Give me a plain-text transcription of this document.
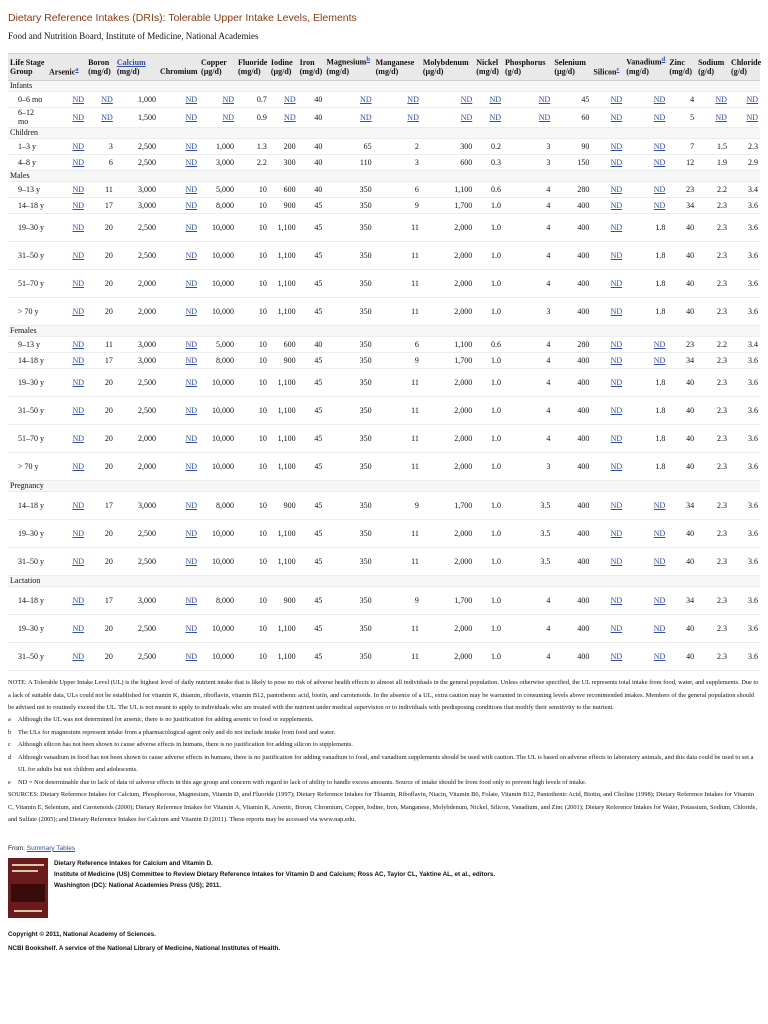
Dietary Reference Intakes (DRIs): Tolerable Upper Intake Levels, Elements
Food and Nutrition Board, Institute of Medicine, National Academies
Life Stage Group	Arsenic$^a$	Boron (mg/d)	Calcium (mg/d)	Chromium	Copper (µg/d)	Fluoride (mg/d)	Iodine (µg/d)	Iron (mg/d)	Magnesium$^b$ (mg/d)	Manganese (mg/d)	Molybdenum (µg/d)	Nickel (mg/d)	Phosphorus (g/d)	Selenium (µg/d)	Silicon$^c$	Vanadium$^d$ (mg/d)	Zinc (mg/d)	Sodium (g/d)	Chloride (g/d)
Infants																			
0–6 mo	ND	ND	1,000	ND	ND	0.7	ND	40	ND	ND	ND	ND	ND	45	ND	ND	4	ND	ND
6–12 mo	ND	ND	1,500	ND	ND	0.9	ND	40	ND	ND	ND	ND	ND	60	ND	ND	5	ND	ND
Children																			
1–3 y	ND	3	2,500	ND	1,000	1.3	200	40	65	2	300	0.2	3	90	ND	ND	7	1.5	2.3
4–8 y	ND	6	2,500	ND	3,000	2.2	300	40	110	3	600	0.3	3	150	ND	ND	12	1.9	2.9
Males																			
9–13 y	ND	11	3,000	ND	5,000	10	600	40	350	6	1,100	0.6	4	280	ND	ND	23	2.2	3.4
14–18 y	ND	17	3,000	ND	8,000	10	900	45	350	9	1,700	1.0	4	400	ND	ND	34	2.3	3.6
19–30 y	ND	20	2,500	ND	10,000	10	1,100	45	350	11	2,000	1.0	4	400	ND	1.8	40	2.3	3.6
31–50 y	ND	20	2,500	ND	10,000	10	1,100	45	350	11	2,000	1.0	4	400	ND	1.8	40	2.3	3.6
51–70 y	ND	20	2,000	ND	10,000	10	1,100	45	350	11	2,000	1.0	4	400	ND	1.8	40	2.3	3.6
> 70 y	ND	20	2,000	ND	10,000	10	1,100	45	350	11	2,000	1.0	3	400	ND	1.8	40	2.3	3.6
Females																			
9–13 y	ND	11	3,000	ND	5,000	10	600	40	350	6	1,100	0.6	4	280	ND	ND	23	2.2	3.4
14–18 y	ND	17	3,000	ND	8,000	10	900	45	350	9	1,700	1.0	4	400	ND	ND	34	2.3	3.6
19–30 y	ND	20	2,500	ND	10,000	10	1,100	45	350	11	2,000	1.0	4	400	ND	1.8	40	2.3	3.6
31–50 y	ND	20	2,500	ND	10,000	10	1,100	45	350	11	2,000	1.0	4	400	ND	1.8	40	2.3	3.6
51–70 y	ND	20	2,000	ND	10,000	10	1,100	45	350	11	2,000	1.0	4	400	ND	1.8	40	2.3	3.6
> 70 y	ND	20	2,000	ND	10,000	10	1,100	45	350	11	2,000	1.0	3	400	ND	1.8	40	2.3	3.6
Pregnancy																			
14–18 y	ND	17	3,000	ND	8,000	10	900	45	350	9	1,700	1.0	3.5	400	ND	ND	34	2.3	3.6
19–30 y	ND	20	2,500	ND	10,000	10	1,100	45	350	11	2,000	1.0	3.5	400	ND	ND	40	2.3	3.6
31–50 y	ND	20	2,500	ND	10,000	10	1,100	45	350	11	2,000	1.0	3.5	400	ND	ND	40	2.3	3.6
Lactation																			
14–18 y	ND	17	3,000	ND	8,000	10	900	45	350	9	1,700	1.0	4	400	ND	ND	34	2.3	3.6
19–30 y	ND	20	2,500	ND	10,000	10	1,100	45	350	11	2,000	1.0	4	400	ND	ND	40	2.3	3.6
31–50 y	ND	20	2,500	ND	10,000	10	1,100	45	350	11	2,000	1.0	4	400	ND	ND	40	2.3	3.6
NOTE: A Tolerable Upper Intake Level (UL) is the highest level of daily nutrient intake that is likely to pose no risk of adverse health effects to almost all individuals in the general population. Unless otherwise specified, the UL represents total intake from food, water, and supplements. Due to a lack of suitable data, ULs could not be established for vitamin K, thiamin, riboflavin, vitamin B12, pantothenic acid, biotin, and carotenoids. In the absence of a UL, extra caution may be warranted in consuming levels above recommended intakes. Members of the general population should be advised not to routinely exceed the UL. The UL is not meant to apply to individuals who are treated with the nutrient under medical supervision or to individuals with predisposing conditions that modify their sensitivity to the nutrient.
a	Although the UL was not determined for arsenic, there is no justification for adding arsenic to food or supplements.
b	The ULs for magnesium represent intake from a pharmacological agent only and do not include intake from food and water.
c	Although silicon has not been shown to cause adverse effects in humans, there is no justification for adding silicon to supplements.
d	Although vanadium in food has not been shown to cause adverse effects in humans, there is no justification for adding vanadium to food, and vanadium supplements should be used with caution. The UL is based on adverse effects in laboratory animals, and this data could be used to set a UL for adults but not children and adolescents.
e	ND = Not determinable due to lack of data of adverse effects in this age group and concern with regard to lack of ability to handle excess amounts. Source of intake should be from food only to prevent high levels of intake.
SOURCES: Dietary Reference Intakes for Calcium, Phosphorous, Magnesium, Vitamin D, and Fluoride (1997); Dietary Reference Intakes for Thiamin, Riboflavin, Niacin, Vitamin B6, Folate, Vitamin B12, Pantothenic Acid, Biotin, and Choline (1998); Dietary Reference Intakes for Vitamin C, Vitamin E, Selenium, and Carotenoids (2000); Dietary Reference Intakes for Vitamin A, Vitamin K, Arsenic, Boron, Chromium, Copper, Iodine, Iron, Manganese, Molybdenum, Nickel, Silicon, Vanadium, and Zinc (2001); Dietary Reference Intakes for Water, Potassium, Sodium, Chloride, and Sulfate (2005); and Dietary Reference Intakes for Calcium and Vitamin D (2011). These reports may be accessed via www.nap.edu.
From: Summary Tables
Dietary Reference Intakes for Calcium and Vitamin D.
Institute of Medicine (US) Committee to Review Dietary Reference Intakes for Vitamin D and Calcium; Ross AC, Taylor CL, Yaktine AL, et al., editors.
Washington (DC): National Academies Press (US); 2011.
Copyright © 2011, National Academy of Sciences.
NCBI Bookshelf. A service of the National Library of Medicine, National Institutes of Health.
